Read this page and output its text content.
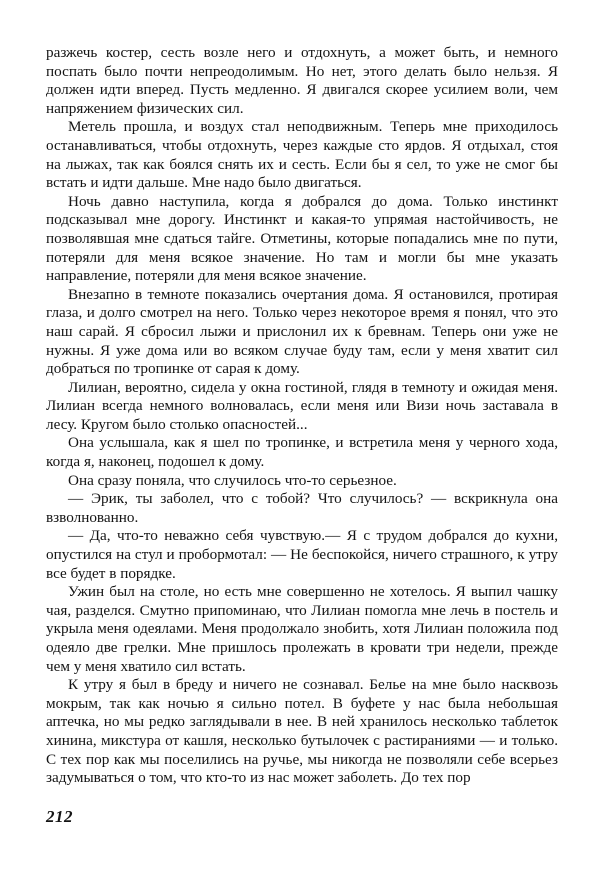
разжечь костер, сесть возле него и отдохнуть, а может быть, и немного поспать было почти непреодолимым. Но нет, этого делать было нельзя. Я должен идти вперед. Пусть медленно. Я двигался скорее усилием воли, чем напряжением физических сил.

Метель прошла, и воздух стал неподвижным. Теперь мне приходилось останавливаться, чтобы отдохнуть, через каждые сто ярдов. Я отдыхал, стоя на лыжах, так как боялся снять их и сесть. Если бы я сел, то уже не смог бы встать и идти дальше. Мне надо было двигаться.

Ночь давно наступила, когда я добрался до дома. Только инстинкт подсказывал мне дорогу. Инстинкт и какая-то упрямая настойчивость, не позволявшая мне сдаться тайге. Отметины, которые попадались мне по пути, потеряли для меня всякое значение. Но там и могли бы мне указать направление, потеряли для меня всякое значение.

Внезапно в темноте показались очертания дома. Я остановился, протирая глаза, и долго смотрел на него. Только через некоторое время я понял, что это наш сарай. Я сбросил лыжи и прислонил их к бревнам. Теперь они уже не нужны. Я уже дома или во всяком случае буду там, если у меня хватит сил добраться по тропинке от сарая к дому.

Лилиан, вероятно, сидела у окна гостиной, глядя в темноту и ожидая меня. Лилиан всегда немного волновалась, если меня или Визи ночь заставала в лесу. Кругом было столько опасностей...

Она услышала, как я шел по тропинке, и встретила меня у черного хода, когда я, наконец, подошел к дому.

Она сразу поняла, что случилось что-то серьезное.

— Эрик, ты заболел, что с тобой? Что случилось? — вскрикнула она взволнованно.

— Да, что-то неважно себя чувствую.— Я с трудом добрался до кухни, опустился на стул и пробормотал: — Не беспокойся, ничего страшного, к утру все будет в порядке.

Ужин был на столе, но есть мне совершенно не хотелось. Я выпил чашку чая, разделся. Смутно припоминаю, что Лилиан помогла мне лечь в постель и укрыла меня одеялами. Меня продолжало знобить, хотя Лилиан положила под одеяло две грелки. Мне пришлось пролежать в кровати три недели, прежде чем у меня хватило сил встать.

К утру я был в бреду и ничего не сознавал. Белье на мне было насквозь мокрым, так как ночью я сильно потел. В буфете у нас была небольшая аптечка, но мы редко заглядывали в нее. В ней хранилось несколько таблеток хинина, микстура от кашля, несколько бутылочек с растираниями — и только. С тех пор как мы поселились на ручье, мы никогда не позволяли себе всерьез задумываться о том, что кто-то из нас может заболеть. До тех пор

212
